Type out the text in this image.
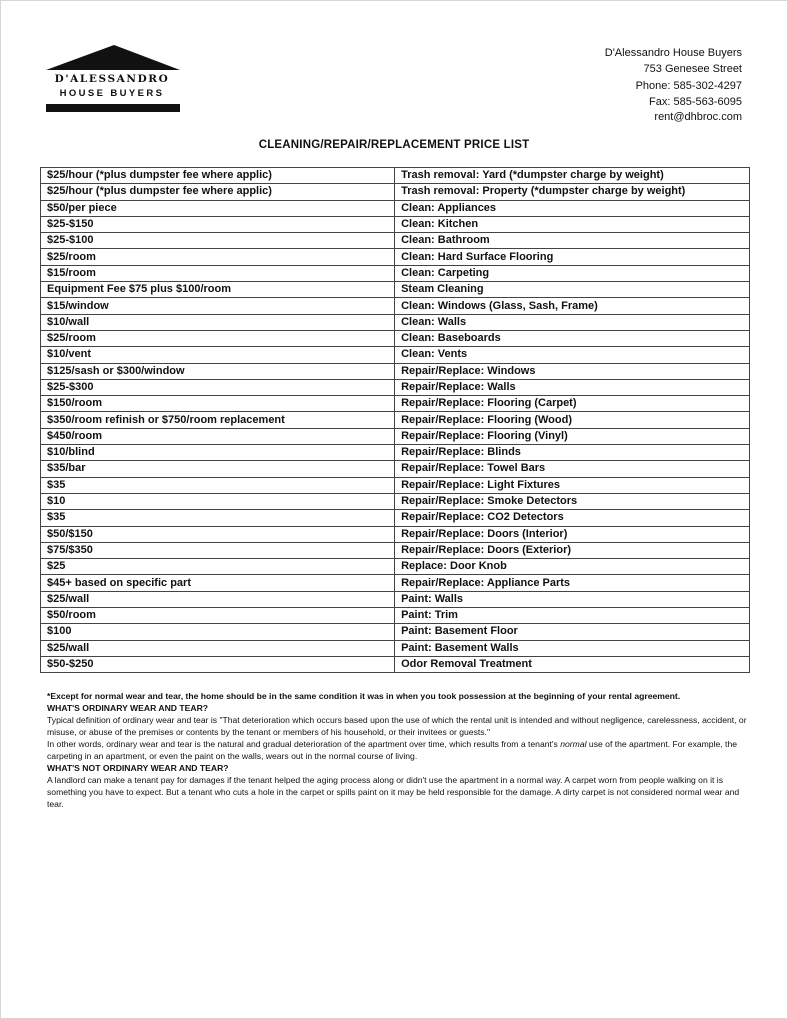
D'ALESSANDRO
HOUSE BUYERS
D'Alessandro House Buyers
753 Genesee Street
Phone: 585-302-4297
Fax: 585-563-6095
rent@dhbroc.com
CLEANING/REPAIR/REPLACEMENT PRICE LIST
$25/hour (*plus dumpster fee where applic)	Trash removal: Yard (*dumpster charge by weight)
$25/hour (*plus dumpster fee where applic)	Trash removal: Property (*dumpster charge by weight)
$50/per piece	Clean: Appliances
$25-$150	Clean: Kitchen
$25-$100	Clean: Bathroom
$25/room	Clean: Hard Surface Flooring
$15/room	Clean: Carpeting
Equipment Fee $75 plus $100/room	Steam Cleaning
$15/window	Clean: Windows (Glass, Sash, Frame)
$10/wall	Clean: Walls
$25/room	Clean: Baseboards
$10/vent	Clean: Vents
$125/sash or $300/window	Repair/Replace: Windows
$25-$300	Repair/Replace: Walls
$150/room	Repair/Replace: Flooring (Carpet)
$350/room refinish or $750/room replacement	Repair/Replace: Flooring (Wood)
$450/room	Repair/Replace: Flooring (Vinyl)
$10/blind	Repair/Replace: Blinds
$35/bar	Repair/Replace: Towel Bars
$35	Repair/Replace: Light Fixtures
$10	Repair/Replace: Smoke Detectors
$35	Repair/Replace: CO2 Detectors
$50/$150	Repair/Replace: Doors (Interior)
$75/$350	Repair/Replace: Doors (Exterior)
$25	Replace: Door Knob
$45+ based on specific part	Repair/Replace: Appliance Parts
$25/wall	Paint: Walls
$50/room	Paint: Trim
$100	Paint: Basement Floor
$25/wall	Paint: Basement Walls
$50-$250	Odor Removal Treatment

*Except for normal wear and tear, the home should be in the same condition it was in when you took possession at the beginning of your rental agreement.

WHAT'S ORDINARY WEAR AND TEAR?

Typical definition of ordinary wear and tear is "That deterioration which occurs based upon the use of which the rental unit is intended and without negligence, carelessness, accident, or misuse, or abuse of the premises or contents by the tenant or members of his household, or their invitees or guests."

In other words, ordinary wear and tear is the natural and gradual deterioration of the apartment over time, which results from a tenant's normal use of the apartment. For example, the carpeting in an apartment, or even the paint on the walls, wears out in the normal course of living.

WHAT'S NOT ORDINARY WEAR AND TEAR?

A landlord can make a tenant pay for damages if the tenant helped the aging process along or didn't use the apartment in a normal way. A carpet worn from people walking on it is something you have to expect. But a tenant who cuts a hole in the carpet or spills paint on it may be held responsible for the damage. A dirty carpet is not considered normal wear and tear.
